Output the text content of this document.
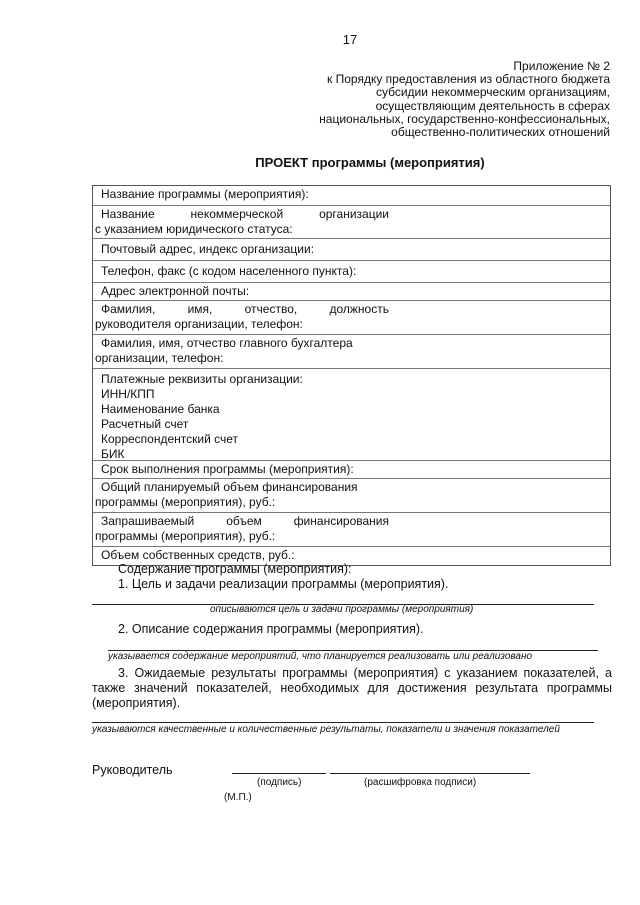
17
Приложение № 2
к Порядку предоставления из областного бюджета
субсидии некоммерческим организациям,
осуществляющим деятельность в сферах
национальных, государственно-конфессиональных,
общественно-политических отношений
ПРОЕКТ программы (мероприятия)
Название программы (мероприятия):
Название	некоммерческой	организации
с указанием юридического статуса:
Почтовый адрес, индекс организации:
Телефон, факс (с кодом населенного пункта):
Адрес электронной почты:
Фамилия,	имя,	отчество,	должность
руководителя организации, телефон:
Фамилия, имя, отчество главного бухгалтера
организации, телефон:
Платежные реквизиты организации:
ИНН/КПП
Наименование банка
Расчетный счет
Корреспондентский счет
БИК
Срок выполнения программы (мероприятия):
Общий планируемый объем финансирования
программы (мероприятия), руб.:
Запрашиваемый	объем	финансирования
программы (мероприятия), руб.:
Объем собственных средств, руб.:
Содержание программы (мероприятия):
1. Цель и задачи реализации программы (мероприятия).
описываются цель и задачи программы (мероприятия)
2. Описание содержания программы (мероприятия).
указывается содержание мероприятий, что планируется реализовать или реализовано
3. Ожидаемые результаты программы (мероприятия) с указанием показателей, а
также значений показателей, необходимых для достижения результата программы
(мероприятия).
указываются качественные и количественные результаты, показатели и значения показателей
Руководитель
(подпись)	(расшифровка подписи)
(М.П.)
